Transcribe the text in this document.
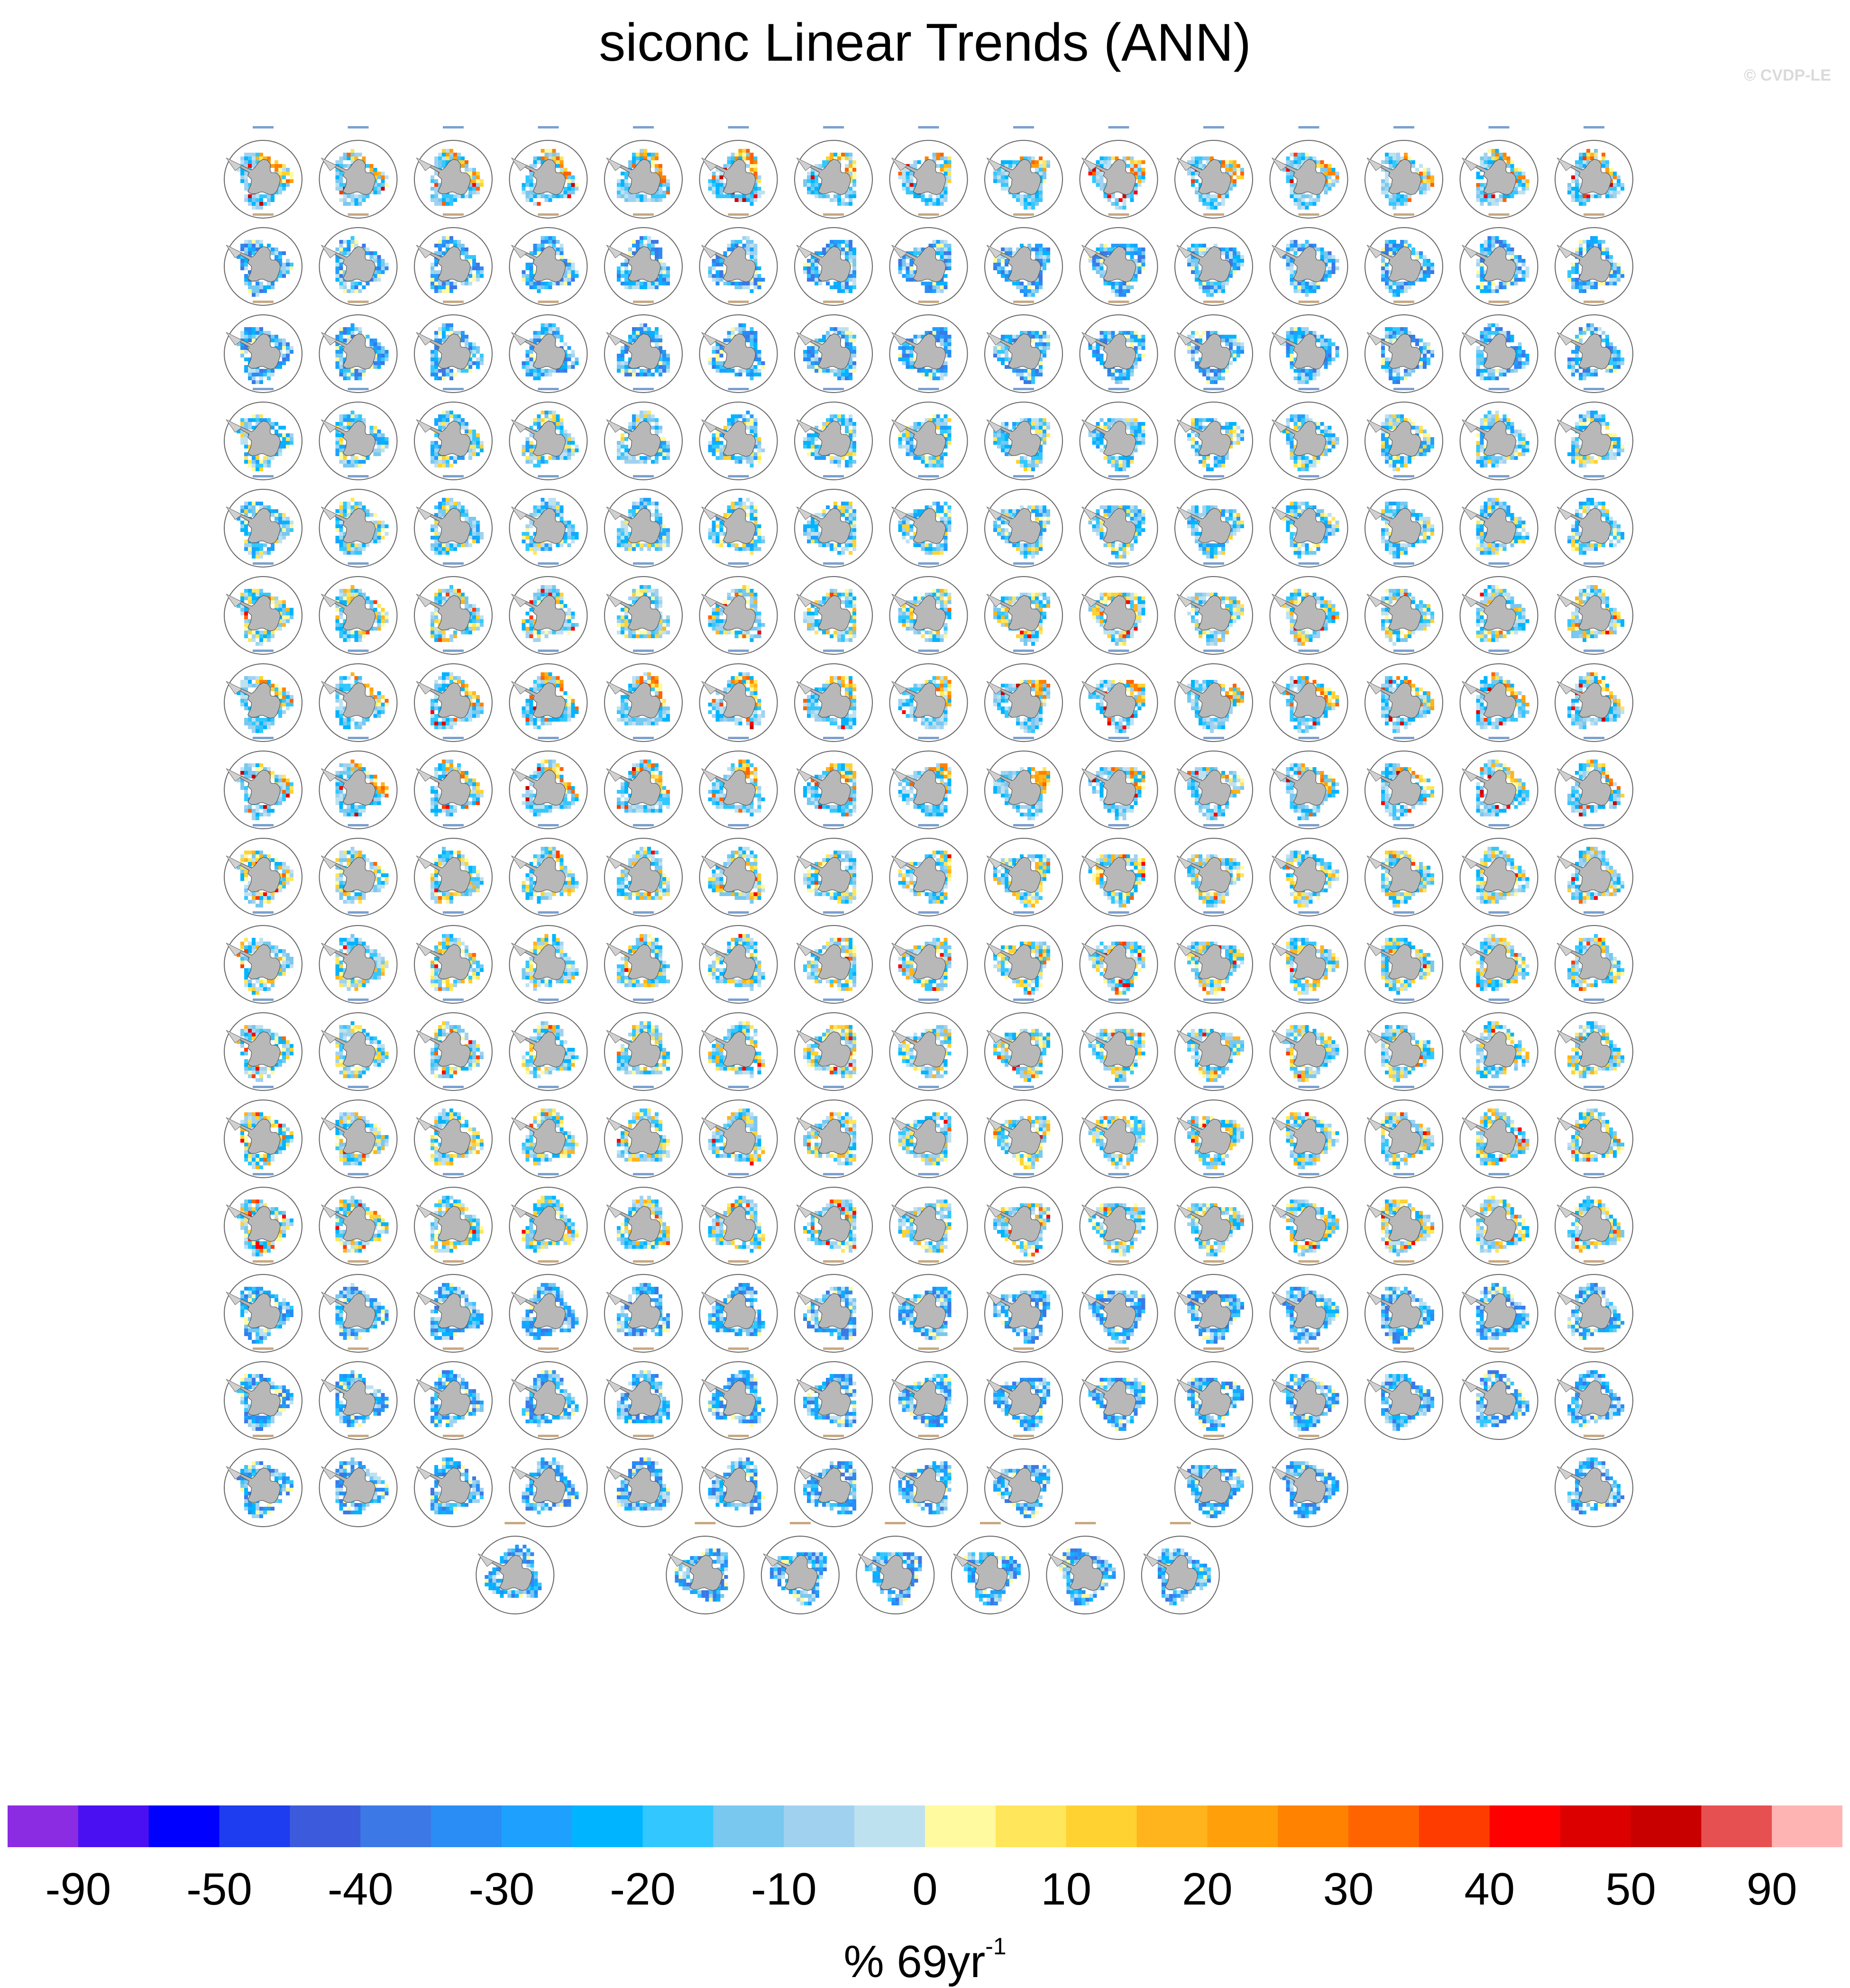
siconc Linear Trends (ANN)
© CVDP-LE
-90 -50 -40 -30 -20 -10 0 10 20 30 40 50 90
% $69yr^{-1}$
